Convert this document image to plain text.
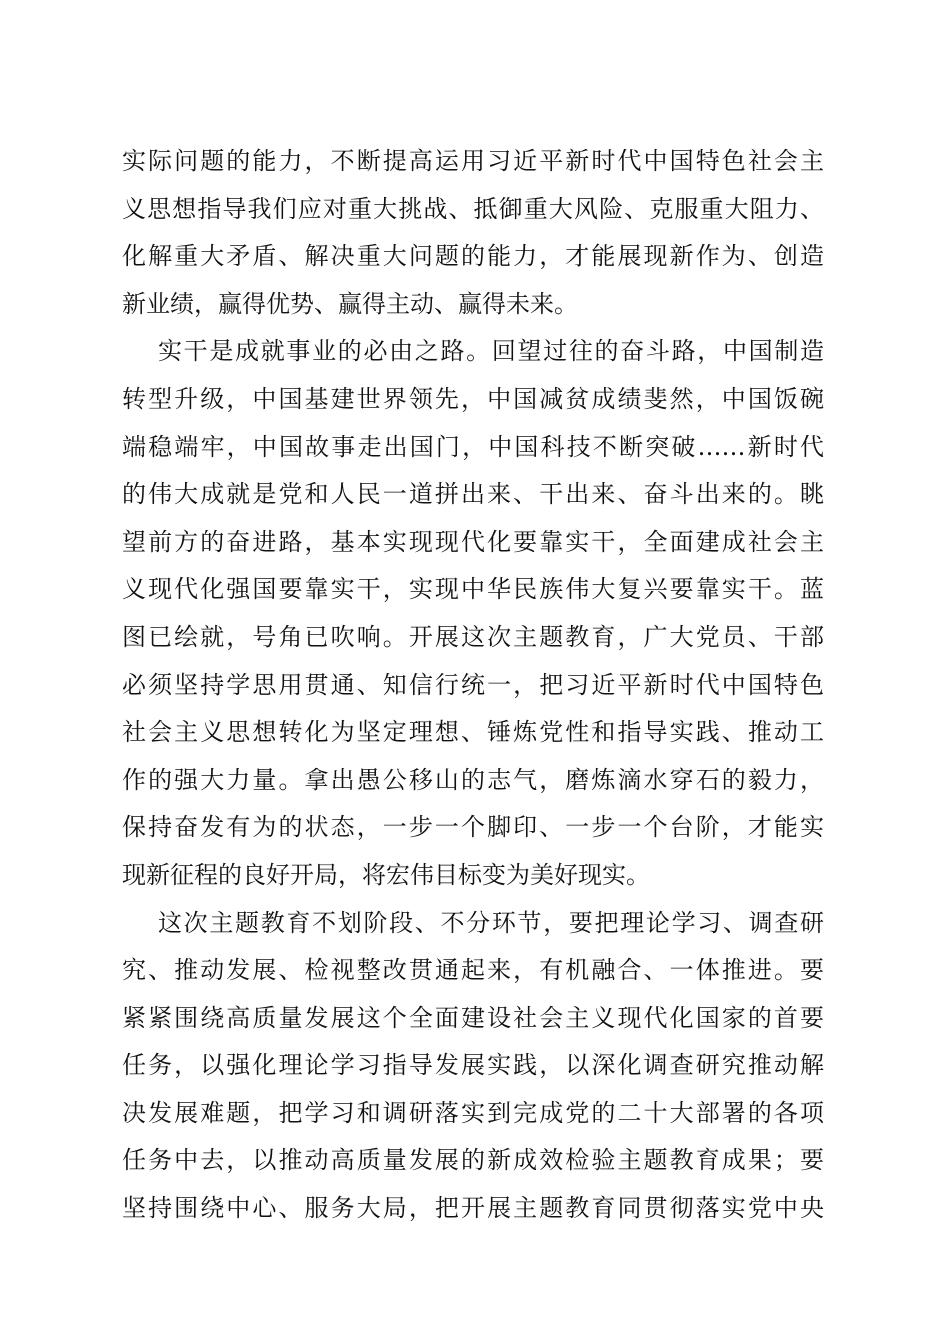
实际问题的能力，不断提高运用习近平新时代中国特色社会主
义思想指导我们应对重大挑战、抵御重大风险、克服重大阻力、
化解重大矛盾、解决重大问题的能力，才能展现新作为、创造
新业绩，赢得优势、赢得主动、赢得未来。
实干是成就事业的必由之路。回望过往的奋斗路，中国制造
转型升级，中国基建世界领先，中国减贫成绩斐然，中国饭碗
端稳端牢，中国故事走出国门，中国科技不断突破……新时代
的伟大成就是党和人民一道拼出来、干出来、奋斗出来的。眺
望前方的奋进路，基本实现现代化要靠实干，全面建成社会主
义现代化强国要靠实干，实现中华民族伟大复兴要靠实干。蓝
图已绘就，号角已吹响。开展这次主题教育，广大党员、干部
必须坚持学思用贯通、知信行统一，把习近平新时代中国特色
社会主义思想转化为坚定理想、锤炼党性和指导实践、推动工
作的强大力量。拿出愚公移山的志气，磨炼滴水穿石的毅力，
保持奋发有为的状态，一步一个脚印、一步一个台阶，才能实
现新征程的良好开局，将宏伟目标变为美好现实。
这次主题教育不划阶段、不分环节，要把理论学习、调查研
究、推动发展、检视整改贯通起来，有机融合、一体推进。要
紧紧围绕高质量发展这个全面建设社会主义现代化国家的首要
任务，以强化理论学习指导发展实践，以深化调查研究推动解
决发展难题，把学习和调研落实到完成党的二十大部署的各项
任务中去，以推动高质量发展的新成效检验主题教育成果；要
坚持围绕中心、服务大局，把开展主题教育同贯彻落实党中央
